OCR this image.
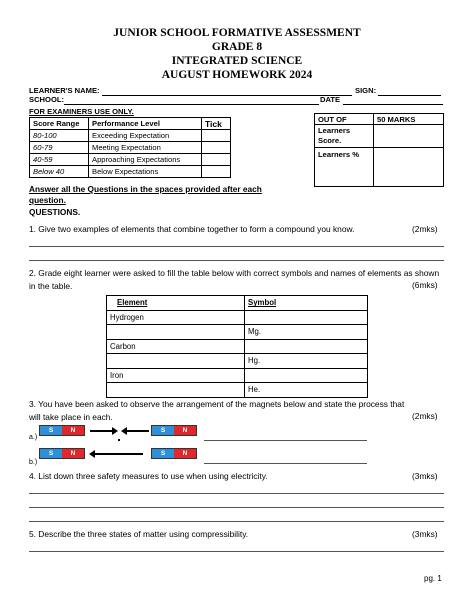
JUNIOR SCHOOL FORMATIVE ASSESSMENT
GRADE 8
INTEGRATED SCIENCE
AUGUST HOMEWORK 2024
LEARNER'S NAME:	SIGN:
SCHOOL:	DATE
FOR EXAMINERS USE ONLY.
Score Range	Performance Level	Tick
80-100	Exceeding Expectation	
60-79	Meeting Expectation	
40-59	Approaching Expectations	
Below 40	Below Expectations	
OUT OF	50 MARKS
Learners Score.	
Learners %	
Answer all the Questions in the spaces provided after each question.
QUESTIONS.
1. Give two examples of elements that combine together to form a compound you know.	(2mks)
2. Grade eight learner were asked to fill the table below with correct symbols and names of elements as shown in the table.	(6mks)
Element	Symbol
Hydrogen	
	Mg.
Carbon	
	Hg.
Iron	
	He.
3. You have been asked to observe the arrangement of the magnets below and state the process that will take place in each.	(2mks)
a.)
S	N	S	N
b.)
S	N	S	N
4. List down three safety measures to use when using electricity.	(3mks)
5. Describe the three states of matter using compressibility.	(3mks)
pg. 1
